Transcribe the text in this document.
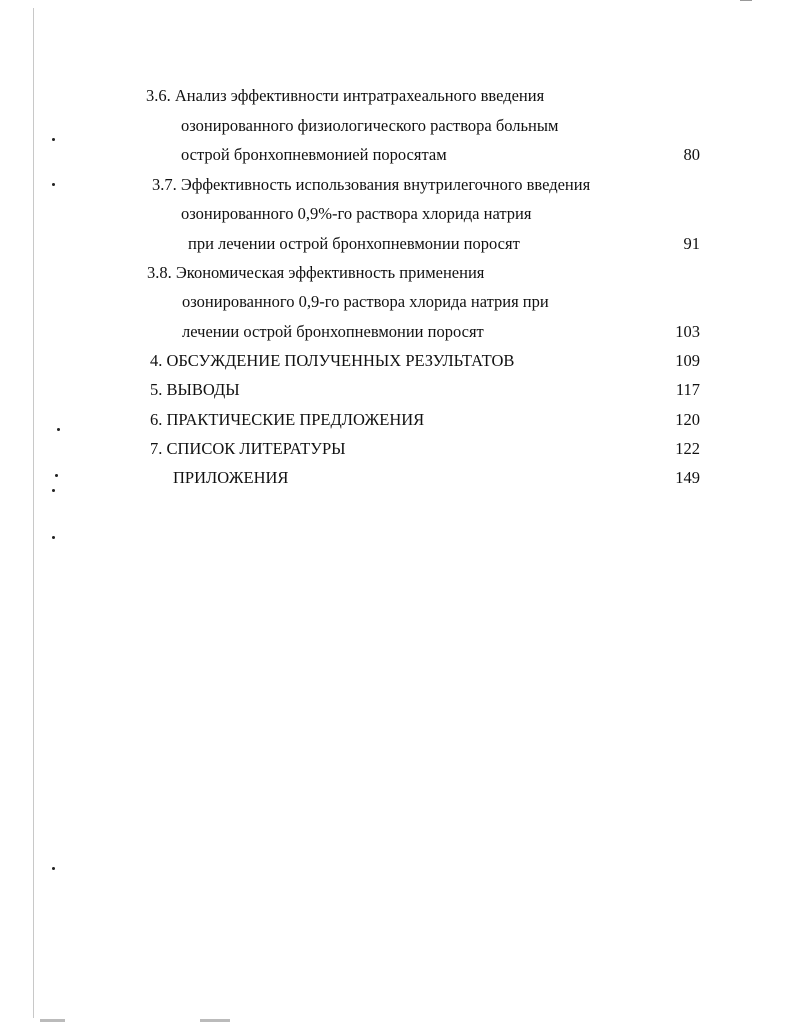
3.6. Анализ эффективности интратрахеального введения
озонированного физиологического раствора больным
острой бронхопневмонией поросятам	80
3.7. Эффективность использования внутрилегочного введения
озонированного 0,9%-го раствора хлорида натрия
при лечении острой бронхопневмонии поросят	91
3.8. Экономическая эффективность применения
озонированного 0,9-го раствора хлорида натрия при
лечении острой бронхопневмонии поросят	103
4. ОБСУЖДЕНИЕ ПОЛУЧЕННЫХ РЕЗУЛЬТАТОВ	109
5. ВЫВОДЫ	117
6. ПРАКТИЧЕСКИЕ ПРЕДЛОЖЕНИЯ	120
7. СПИСОК ЛИТЕРАТУРЫ	122
ПРИЛОЖЕНИЯ	149
